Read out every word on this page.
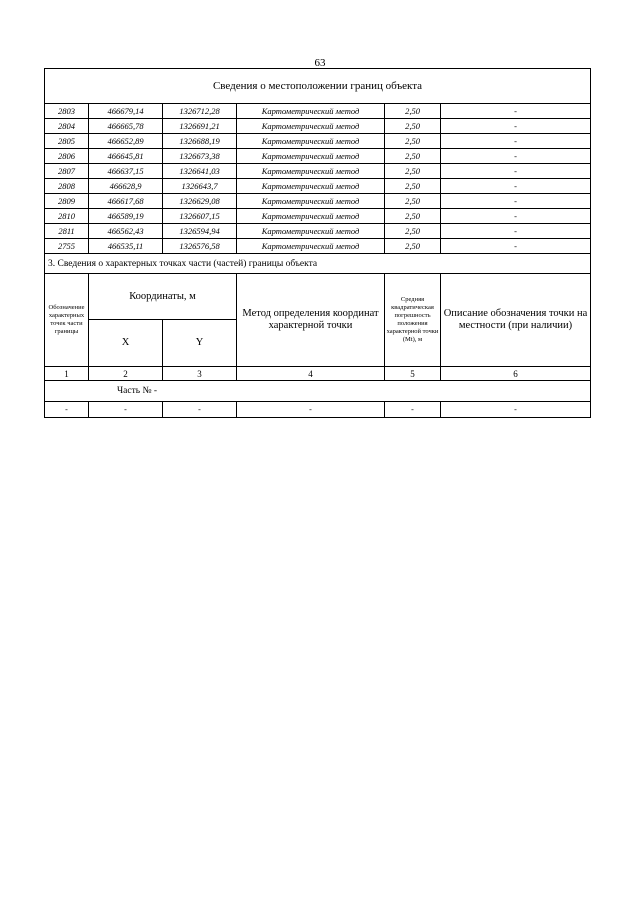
63
Сведения о местоположении границ объекта					
2803	466679,14	1326712,28	Картометрический метод	2,50	-
2804	466665,78	1326691,21	Картометрический метод	2,50	-
2805	466652,89	1326688,19	Картометрический метод	2,50	-
2806	466645,81	1326673,38	Картометрический метод	2,50	-
2807	466637,15	1326641,03	Картометрический метод	2,50	-
2808	466628,9	1326643,7	Картометрический метод	2,50	-
2809	466617,68	1326629,08	Картометрический метод	2,50	-
2810	466589,19	1326607,15	Картометрический метод	2,50	-
2811	466562,43	1326594,94	Картометрический метод	2,50	-
2755	466535,11	1326576,58	Картометрический метод	2,50	-
3. Сведения о характерных точках части (частей) границы объекта					
Обозначение характерных точек части границы	Координаты, м		Метод определения координат характерной точки	Средняя квадратическая погрешность положения характерной точки (Mt), м	Описание обозначения точки на местности (при наличии)
	X	Y			
1	2	3	4	5	6
Часть № -					
-	-	-	-	-	-
